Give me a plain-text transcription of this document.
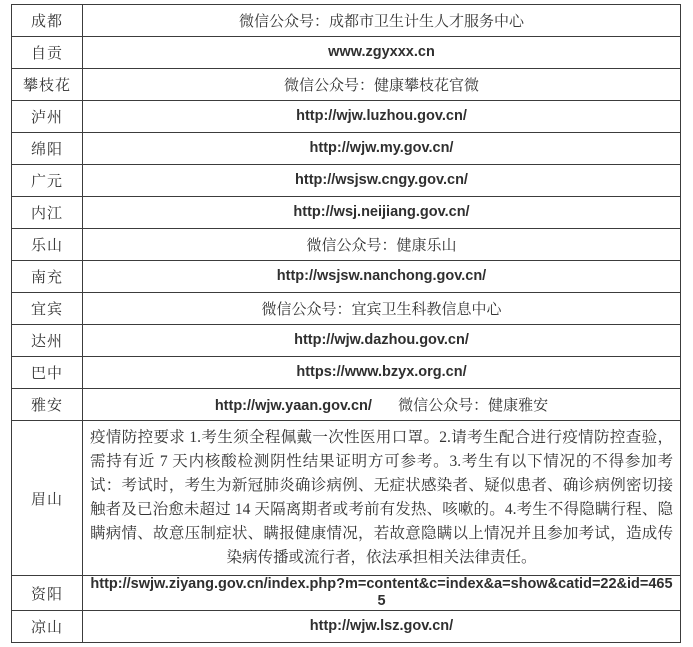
成都	微信公众号：成都市卫生计生人才服务中心
自贡	www.zgyxxx.cn
攀枝花	微信公众号：健康攀枝花官微
泸州	http://wjw.luzhou.gov.cn/
绵阳	http://wjw.my.gov.cn/
广元	http://wsjsw.cngy.gov.cn/
内江	http://wsj.neijiang.gov.cn/
乐山	微信公众号：健康乐山
南充	http://wsjsw.nanchong.gov.cn/
宜宾	微信公众号：宜宾卫生科教信息中心
达州	http://wjw.dazhou.gov.cn/
巴中	https://www.bzyx.org.cn/
雅安	http://wjw.yaan.gov.cn/ 微信公众号：健康雅安
眉山	疫情防控要求 1.考生须全程佩戴一次性医用口罩。2.请考生配合进行疫情防控查验，需持有近 7 天内核酸检测阴性结果证明方可参考。3.考生有以下情况的不得参加考试：考试时，考生为新冠肺炎确诊病例、无症状感染者、疑似患者、确诊病例密切接触者及已治愈未超过 14 天隔离期者或考前有发热、咳嗽的。4.考生不得隐瞒行程、隐瞒病情、故意压制症状、瞒报健康情况，若故意隐瞒以上情况并且参加考试，造成传染病传播或流行者，依法承担相关法律责任。
资阳	http://swjw.ziyang.gov.cn/index.php?m=content&c=index&a=show&catid=22&id=4655
凉山	http://wjw.lsz.gov.cn/
